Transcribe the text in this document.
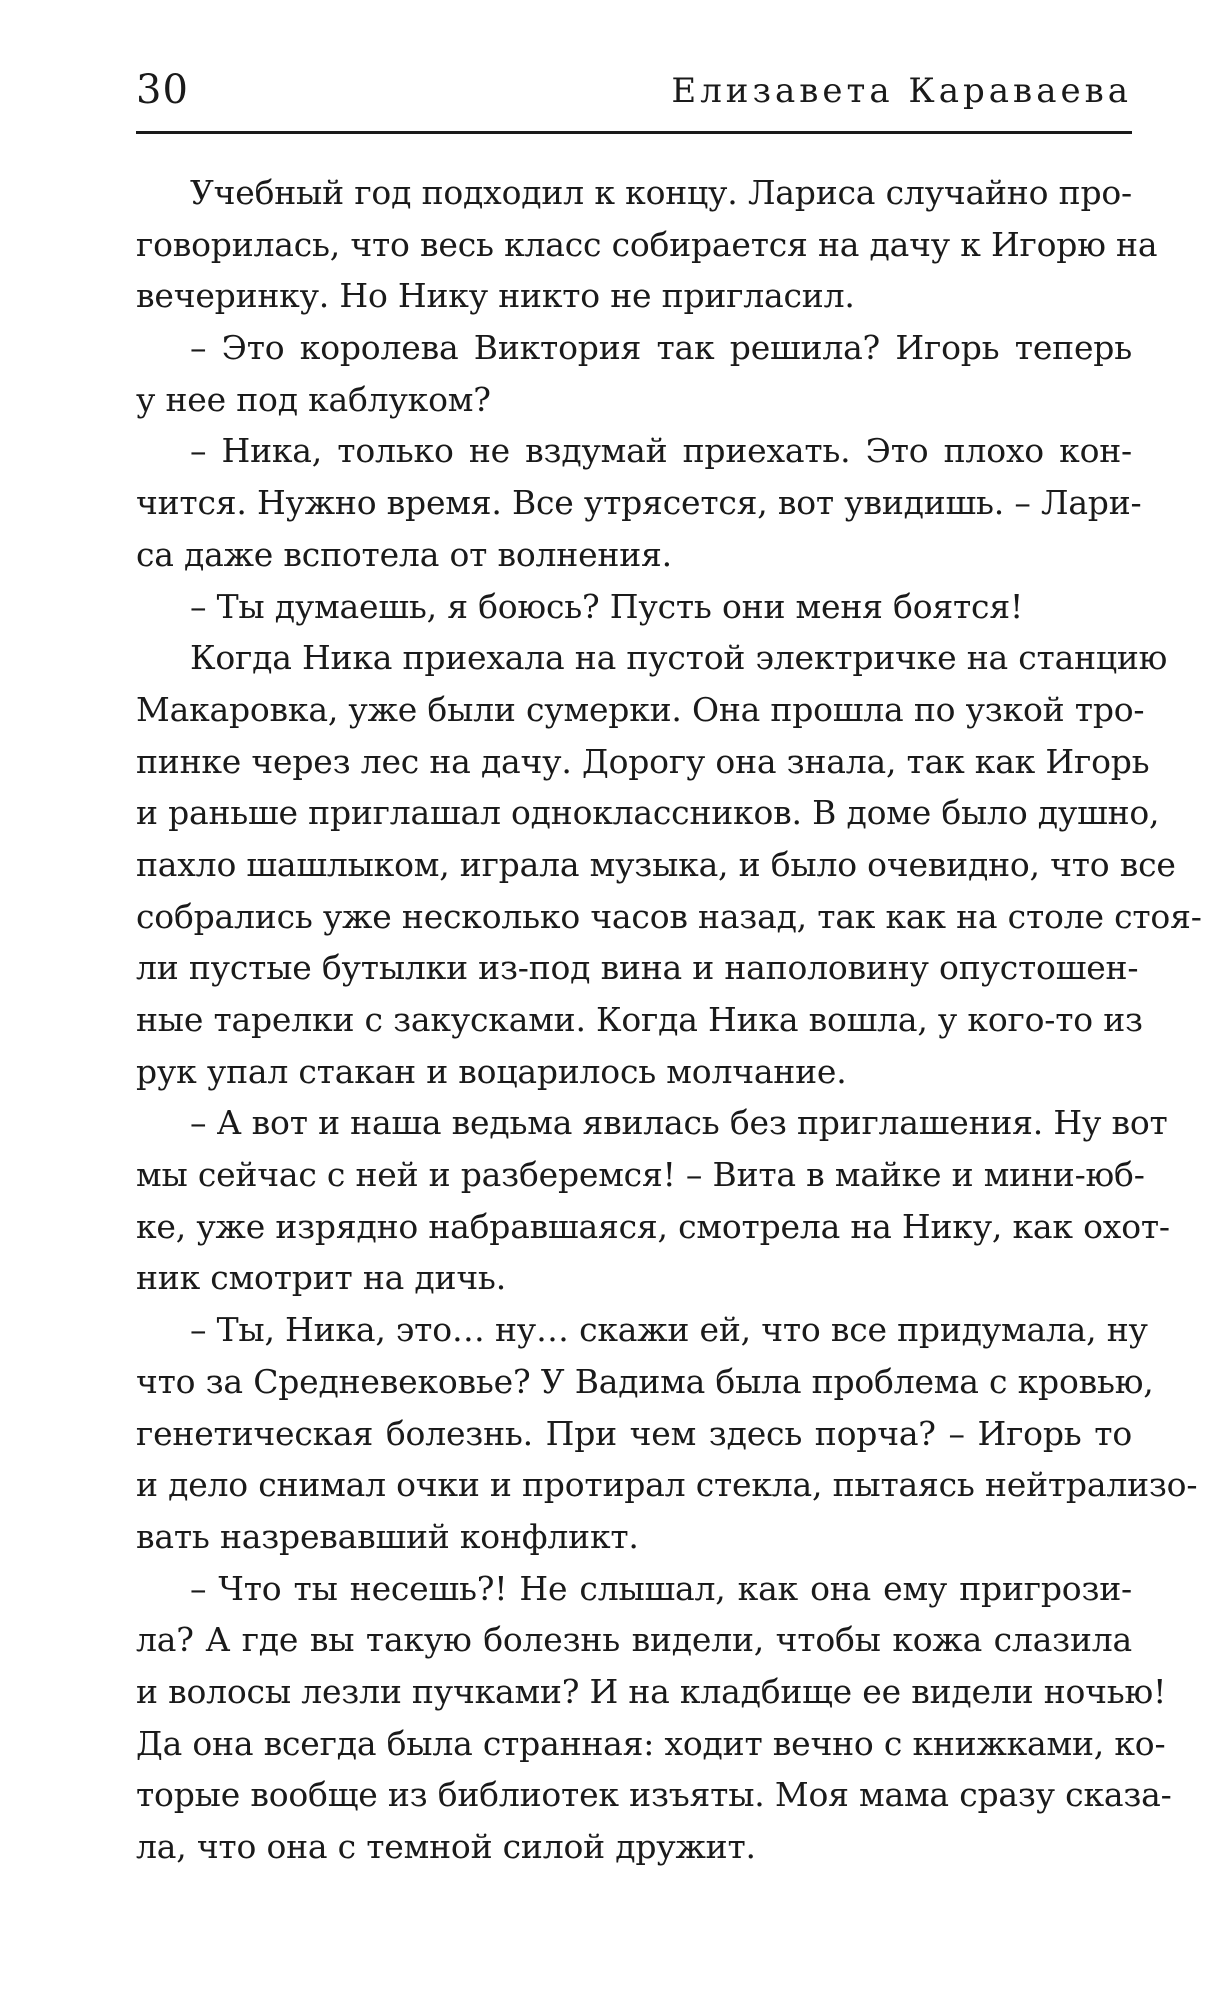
30	Елизавета Караваева
Учебный год подходил к концу. Лариса случайно про-
говорилась, что весь класс собирается на дачу к Игорю на
вечеринку. Но Нику никто не пригласил.
– Это королева Виктория так решила? Игорь теперь
у нее под каблуком?
– Ника, только не вздумай приехать. Это плохо кон-
чится. Нужно время. Все утрясется, вот увидишь. – Лари-
са даже вспотела от волнения.
– Ты думаешь, я боюсь? Пусть они меня боятся!
Когда Ника приехала на пустой электричке на станцию
Макаровка, уже были сумерки. Она прошла по узкой тро-
пинке через лес на дачу. Дорогу она знала, так как Игорь
и раньше приглашал одноклассников. В доме было душно,
пахло шашлыком, играла музыка, и было очевидно, что все
собрались уже несколько часов назад, так как на столе стоя-
ли пустые бутылки из-под вина и наполовину опустошен-
ные тарелки с закусками. Когда Ника вошла, у кого-то из
рук упал стакан и воцарилось молчание.
– А вот и наша ведьма явилась без приглашения. Ну вот
мы сейчас с ней и разберемся! – Вита в майке и мини-юб-
ке, уже изрядно набравшаяся, смотрела на Нику, как охот-
ник смотрит на дичь.
– Ты, Ника, это… ну… скажи ей, что все придумала, ну
что за Средневековье? У Вадима была проблема с кровью,
генетическая болезнь. При чем здесь порча? – Игорь то
и дело снимал очки и протирал стекла, пытаясь нейтрализо-
вать назревавший конфликт.
– Что ты несешь?! Не слышал, как она ему пригрози-
ла? А где вы такую болезнь видели, чтобы кожа слазила
и волосы лезли пучками? И на кладбище ее видели ночью!
Да она всегда была странная: ходит вечно с книжками, ко-
торые вообще из библиотек изъяты. Моя мама сразу сказа-
ла, что она с темной силой дружит.
